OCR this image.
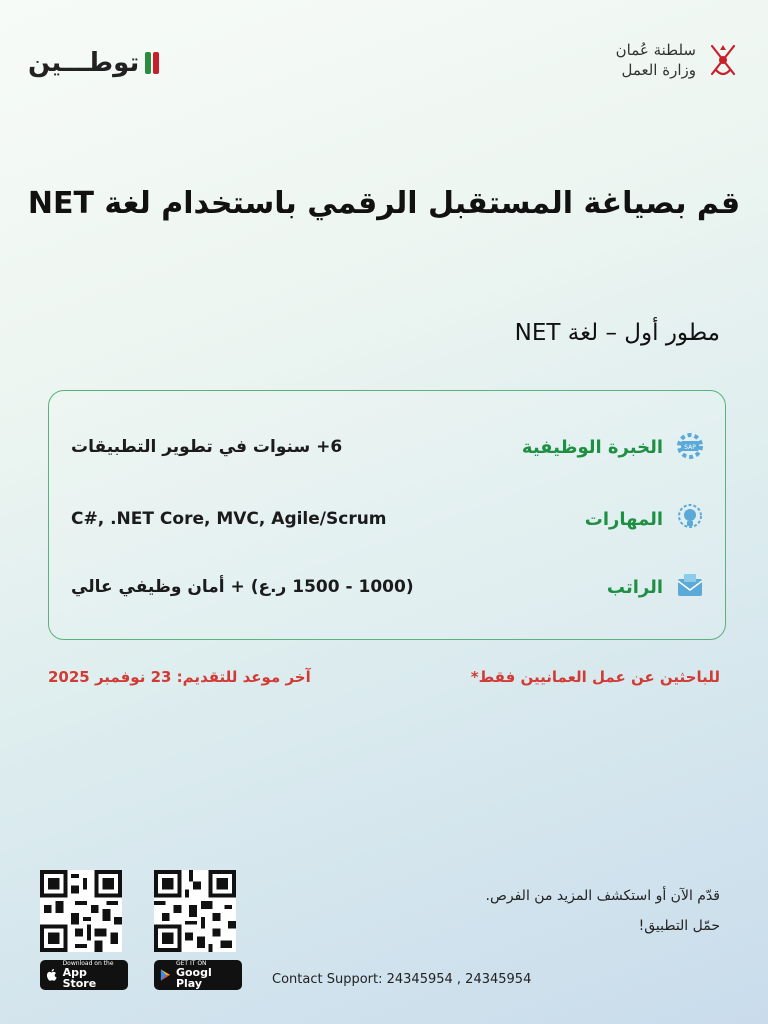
توطـــين	سلطنة عُمان
وزارة العمل
قم بصياغة المستقبل الرقمي باستخدام لغة NET
مطور أول – لغة NET
SAP
الخبرة الوظيفية
6+ سنوات في تطوير التطبيقات
المهارات
C#, .NET Core, MVC, Agile/Scrum
الراتب
(1000 - 1500 ر.ع) + أمان وظيفي عالي
للباحثين عن عمل العمانيين فقط*
آخر موعد للتقديم: 23 نوفمبر 2025
Download on the
App Store
GET IT ON
Googl Play	Contact Support: 24345954 , 24345954
قدّم الآن أو استكشف المزيد من الفرص.
حمّل التطبيق!
